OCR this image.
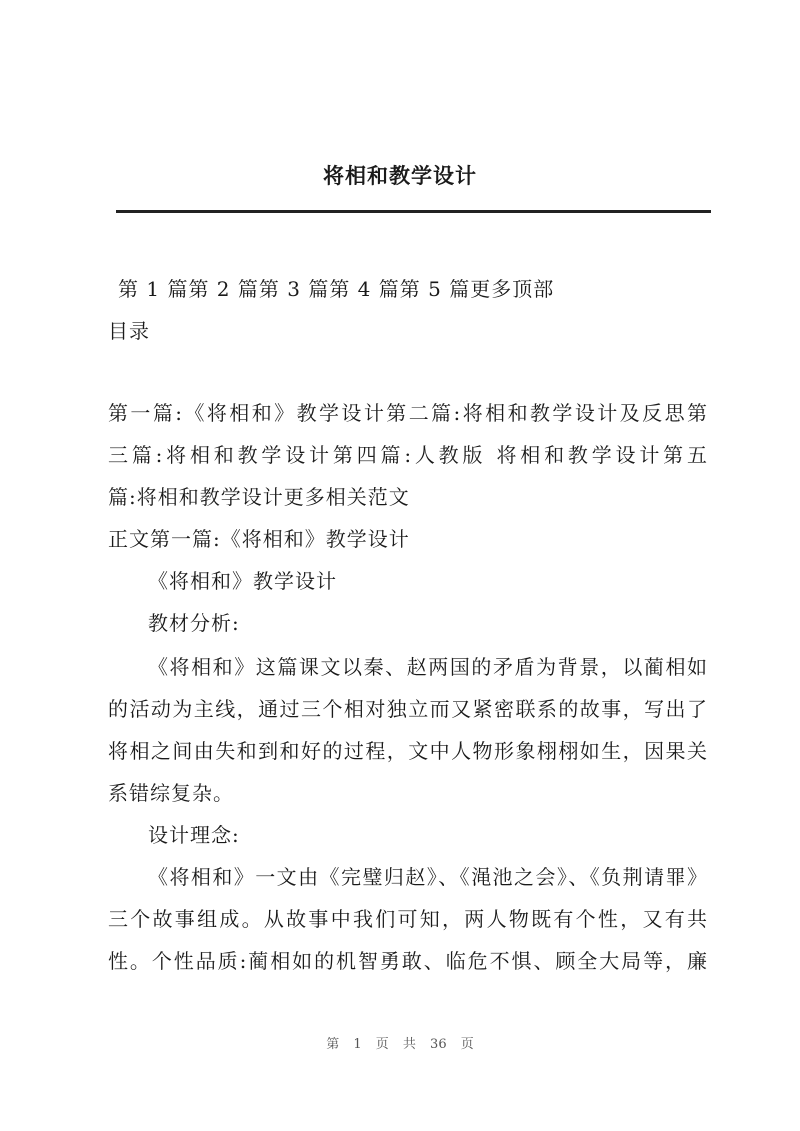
将相和教学设计
第 1 篇第 2 篇第 3 篇第 4 篇第 5 篇更多顶部
目录
第一篇:《将相和》教学设计第二篇:将相和教学设计及反思第
三篇:将相和教学设计第四篇:人教版 将相和教学设计第五
篇:将相和教学设计更多相关范文
正文第一篇:《将相和》教学设计
《将相和》教学设计
教材分析:
《将相和》这篇课文以秦、赵两国的矛盾为背景，以蔺相如
的活动为主线，通过三个相对独立而又紧密联系的故事，写出了
将相之间由失和到和好的过程，文中人物形象栩栩如生，因果关
系错综复杂。
设计理念:
《将相和》一文由《完璧归赵》、《渑池之会》、《负荆请罪》
三个故事组成。从故事中我们可知，两人物既有个性，又有共
性。个性品质:蔺相如的机智勇敢、临危不惧、顾全大局等，廉
第 1 页 共 36 页
